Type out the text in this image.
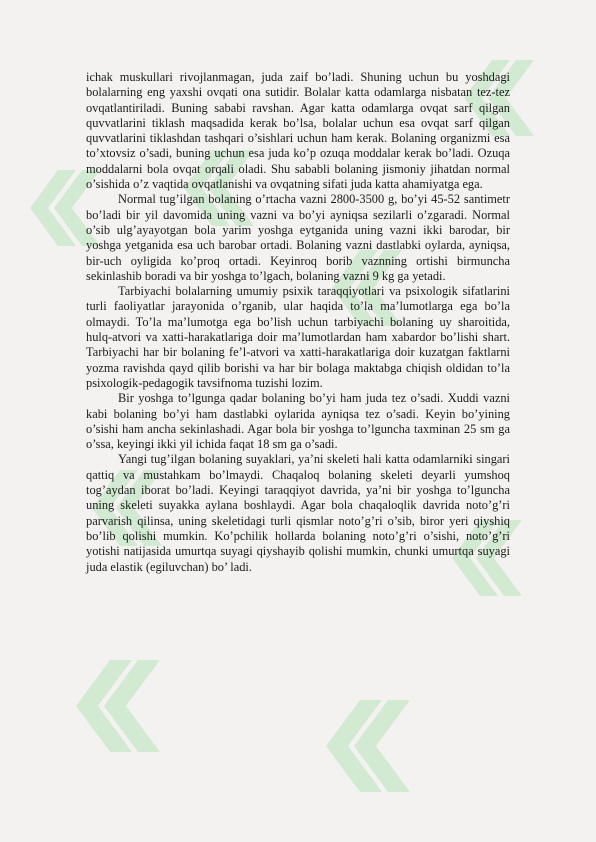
ichak muskullari rivojlanmagan, juda zaif bo’ladi. Shuning uchun bu yoshdagi bolalarning eng yaxshi ovqati ona sutidir. Bolalar katta odamlarga nisbatan tez-tez ovqatlantiriladi. Buning sababi ravshan. Agar katta odamlarga ovqat sarf qilgan quvvatlarini tiklash maqsadida kerak bo’lsa, bolalar uchun esa ovqat sarf qilgan quvvatlarini tiklashdan tashqari o’sishlari uchun ham kerak. Bolaning organizmi esa to’xtovsiz o’sadi, buning uchun esa juda ko’p ozuqa moddalar kerak bo’ladi. Ozuqa moddalarni bola ovqat orqali oladi. Shu sababli bolaning jismoniy jihatdan normal o’sishida o’z vaqtida ovqatlanishi va ovqatning sifati juda katta ahamiyatga ega.

Normal tug’ilgan bolaning o’rtacha vazni 2800-3500 g, bo’yi 45-52 santimetr bo’ladi bir yil davomida uning vazni va bo’yi ayniqsa sezilarli o’zgaradi. Normal o’sib ulg’ayayotgan bola yarim yoshga eytganida uning vazni ikki barodar, bir yoshga yetganida esa uch barobar ortadi. Bolaning vazni dastlabki oylarda, ayniqsa, bir-uch oyligida ko’proq ortadi. Keyinroq borib vaznning ortishi birmuncha sekinlashib boradi va bir yoshga to’lgach, bolaning vazni 9 kg ga yetadi.

Tarbiyachi bolalarning umumiy psixik taraqqiyotlari va psixologik sifatlarini turli faoliyatlar jarayonida o’rganib, ular haqida to’la ma’lumotlarga ega bo’la olmaydi. To’la ma’lumotga ega bo’lish uchun tarbiyachi bolaning uy sharoitida, hulq-atvori va xatti-harakatlariga doir ma’lumotlardan ham xabardor bo’lishi shart. Tarbiyachi har bir bolaning fe’l-atvori va xatti-harakatlariga doir kuzatgan faktlarni yozma ravishda qayd qilib borishi va har bir bolaga maktabga chiqish oldidan to’la psixologik-pedagogik tavsifnoma tuzishi lozim.

Bir yoshga to’lgunga qadar bolaning bo’yi ham juda tez o’sadi. Xuddi vazni kabi bolaning bo’yi ham dastlabki oylarida ayniqsa tez o’sadi. Keyin bo’yining o’sishi ham ancha sekinlashadi. Agar bola bir yoshga to’lguncha taxminan 25 sm ga o’ssa, keyingi ikki yil ichida faqat 18 sm ga o’sadi.

Yangi tug’ilgan bolaning suyaklari, ya’ni skeleti hali katta odamlarniki singari qattiq va mustahkam bo’lmaydi. Chaqaloq bolaning skeleti deyarli yumshoq tog’aydan iborat bo’ladi. Keyingi taraqqiyot davrida, ya’ni bir yoshga to’lguncha uning skeleti suyakka aylana boshlaydi. Agar bola chaqaloqlik davrida noto’g’ri parvarish qilinsa, uning skeletidagi turli qismlar noto’g’ri o’sib, biror yeri qiyshiq bo’lib qolishi mumkin. Ko’pchilik hollarda bolaning noto’g’ri o’sishi, noto’g’ri yotishi natijasida umurtqa suyagi qiyshayib qolishi mumkin, chunki umurtqa suyagi juda elastik (egiluvchan) bo’ ladi.
